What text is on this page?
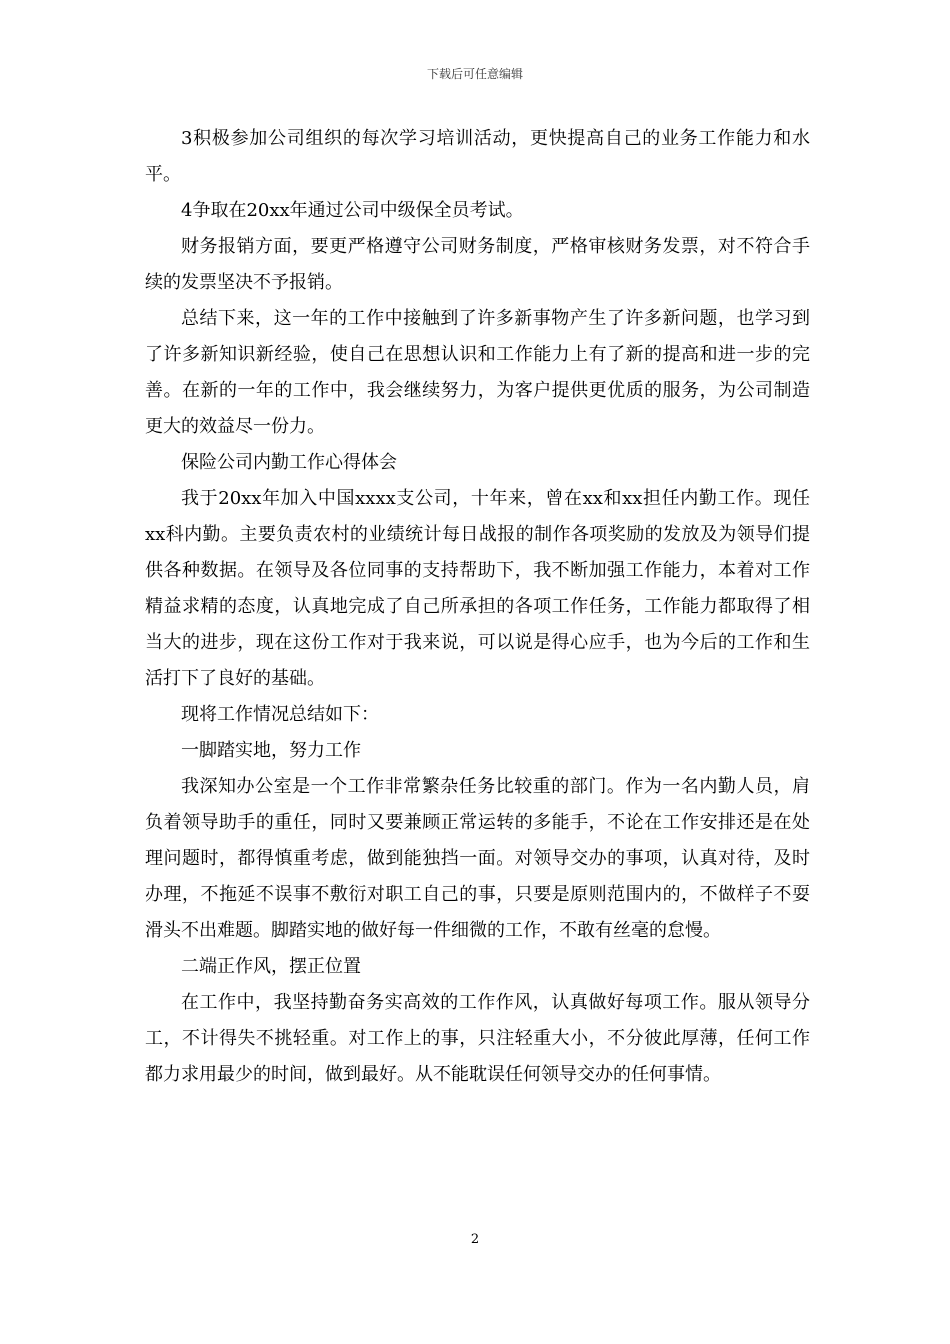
下载后可任意编辑

3积极参加公司组织的每次学习培训活动，更快提高自己的业务工作能力和水平。

4争取在20xx年通过公司中级保全员考试。

财务报销方面，要更严格遵守公司财务制度，严格审核财务发票，对不符合手续的发票坚决不予报销。

总结下来，这一年的工作中接触到了许多新事物产生了许多新问题，也学习到了许多新知识新经验，使自己在思想认识和工作能力上有了新的提高和进一步的完善。在新的一年的工作中，我会继续努力，为客户提供更优质的服务，为公司制造更大的效益尽一份力。

保险公司内勤工作心得体会

我于20xx年加入中国xxxx支公司，十年来，曾在xx和xx担任内勤工作。现任xx科内勤。主要负责农村的业绩统计每日战报的制作各项奖励的发放及为领导们提供各种数据。在领导及各位同事的支持帮助下，我不断加强工作能力，本着对工作精益求精的态度，认真地完成了自己所承担的各项工作任务，工作能力都取得了相当大的进步，现在这份工作对于我来说，可以说是得心应手，也为今后的工作和生活打下了良好的基础。

现将工作情况总结如下：

一脚踏实地，努力工作

我深知办公室是一个工作非常繁杂任务比较重的部门。作为一名内勤人员，肩负着领导助手的重任，同时又要兼顾正常运转的多能手，不论在工作安排还是在处理问题时，都得慎重考虑，做到能独挡一面。对领导交办的事项，认真对待，及时办理，不拖延不误事不敷衍对职工自己的事，只要是原则范围内的，不做样子不耍滑头不出难题。脚踏实地的做好每一件细微的工作，不敢有丝毫的怠慢。

二端正作风，摆正位置

在工作中，我坚持勤奋务实高效的工作作风，认真做好每项工作。服从领导分工，不计得失不挑轻重。对工作上的事，只注轻重大小，不分彼此厚薄，任何工作都力求用最少的时间，做到最好。从不能耽误任何领导交办的任何事情。

2
